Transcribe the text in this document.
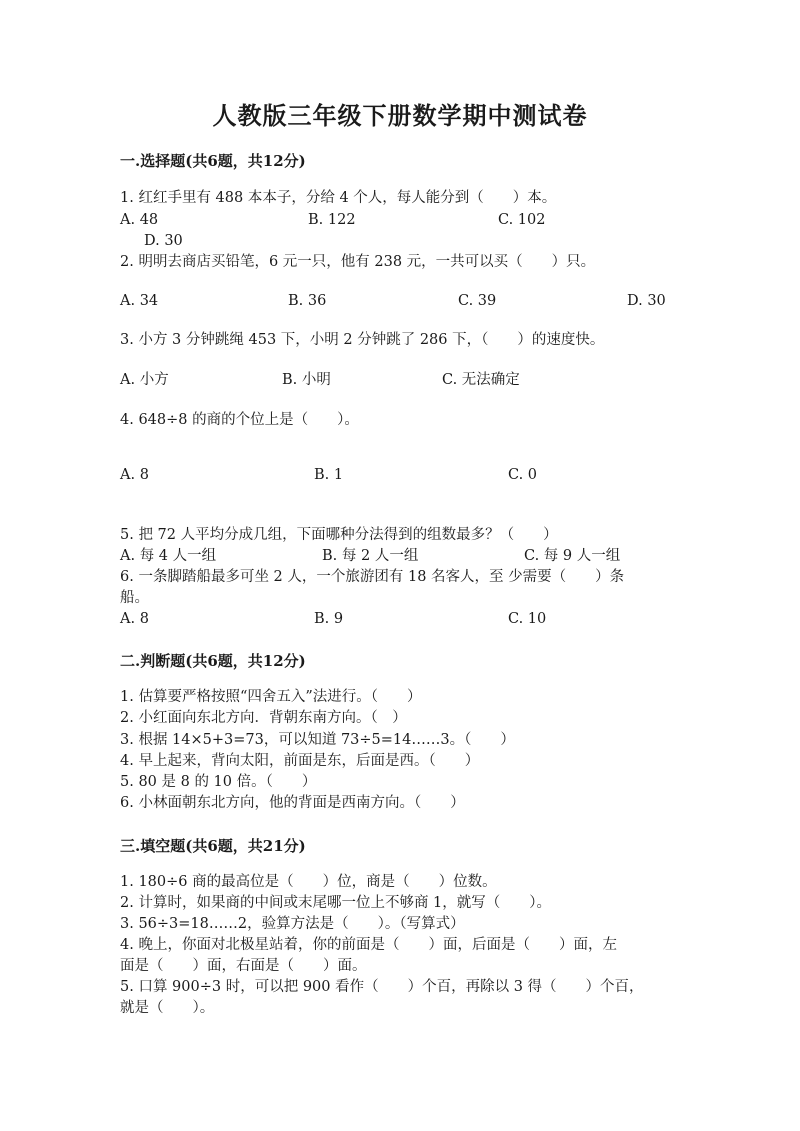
人教版三年级下册数学期中测试卷
一.选择题(共6题，共12分)
1. 红红手里有 488 本本子，分给 4 个人，每人能分到（　　）本。
A. 48	B. 122	C. 102
D. 30
2. 明明去商店买铅笔，6 元一只，他有 238 元，一共可以买（　　）只。
A. 34	B. 36	C. 39	D. 30
3. 小方 3 分钟跳绳 453 下，小明 2 分钟跳了 286 下，（　　）的速度快。
A. 小方	B. 小明	C. 无法确定
4. 648÷8 的商的个位上是（　　）。
A. 8	B. 1	C. 0
5. 把 72 人平均分成几组，下面哪种分法得到的组数最多？（　　）
A. 每 4 人一组	B. 每 2 人一组	C. 每 9 人一组
6. 一条脚踏船最多可坐 2 人，一个旅游团有 18 名客人，至 少需要（　　）条
船。
A. 8	B. 9	C. 10
二.判断题(共6题，共12分)
1. 估算要严格按照“四舍五入”法进行。（　　）
2. 小红面向东北方向．背朝东南方向。（　）
3. 根据 14×5+3=73，可以知道 73÷5=14……3。（　　）
4. 早上起来，背向太阳，前面是东，后面是西。（　　）
5. 80 是 8 的 10 倍。（　　）
6. 小林面朝东北方向，他的背面是西南方向。（　　）
三.填空题(共6题，共21分)
1. 180÷6 商的最高位是（　　）位，商是（　　）位数。
2. 计算时，如果商的中间或末尾哪一位上不够商 1，就写（　　）。
3. 56÷3=18……2，验算方法是（　　）。（写算式）
4. 晚上，你面对北极星站着，你的前面是（　　）面，后面是（　　）面，左
面是（　　）面，右面是（　　）面。
5. 口算 900÷3 时，可以把 900 看作（　　）个百，再除以 3 得（　　）个百，
就是（　　）。
